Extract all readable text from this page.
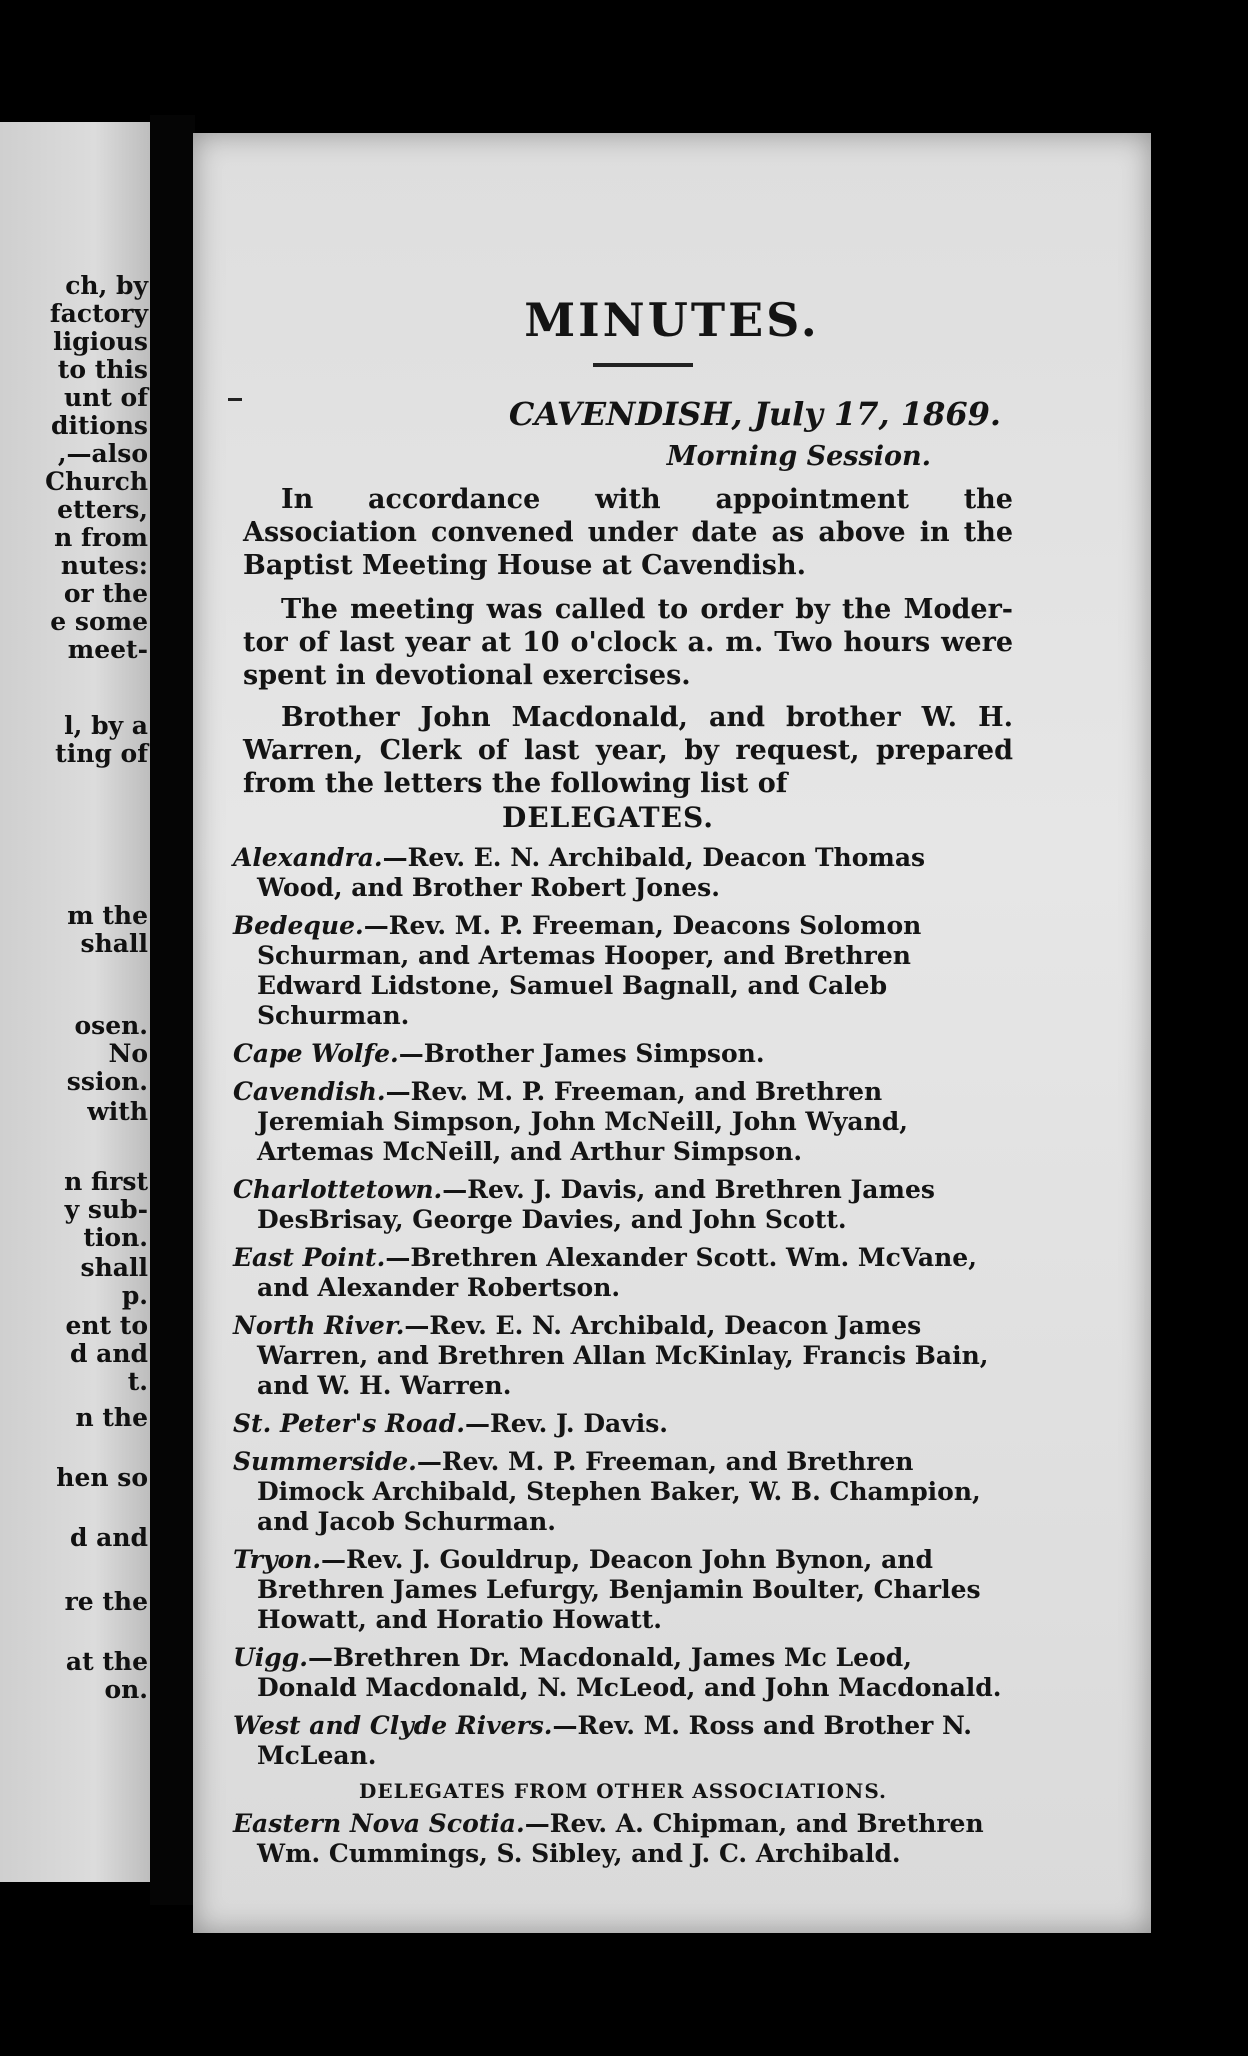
ch, by
factory
ligious
to this
unt of
ditions
,—also
Church
etters,
n from
nutes:
or the
e some
meet-
l, by a
ting of
m the
shall
osen.
No
ssion.
with
n first
y sub-
tion.
shall
p.
ent to
d and
t.
n the
hen so
d and
re the
at the
on.
MINUTES.
CAVENDISH, July 17, 1869.
Morning Session.
In accordance with appointment the Association convened under date as above in the Baptist Meeting House at Cavendish.
The meeting was called to order by the Moder-tor of last year at 10 o'clock a. m. Two hours were spent in devotional exercises.
Brother John Macdonald, and brother W. H. Warren, Clerk of last year, by request, prepared from the letters the following list of
DELEGATES.
Alexandra.—Rev. E. N. Archibald, Deacon Thomas Wood, and Brother Robert Jones.
Bedeque.—Rev. M. P. Freeman, Deacons Solomon Schurman, and Artemas Hooper, and Brethren Edward Lidstone, Samuel Bagnall, and Caleb Schurman.
Cape Wolfe.—Brother James Simpson.
Cavendish.—Rev. M. P. Freeman, and Brethren Jeremiah Simpson, John McNeill, John Wyand, Artemas McNeill, and Arthur Simpson.
Charlottetown.—Rev. J. Davis, and Brethren James DesBrisay, George Davies, and John Scott.
East Point.—Brethren Alexander Scott. Wm. McVane, and Alexander Robertson.
North River.—Rev. E. N. Archibald, Deacon James Warren, and Brethren Allan McKinlay, Francis Bain, and W. H. Warren.
St. Peter's Road.—Rev. J. Davis.
Summerside.—Rev. M. P. Freeman, and Brethren Dimock Archibald, Stephen Baker, W. B. Champion, and Jacob Schurman.
Tryon.—Rev. J. Gouldrup, Deacon John Bynon, and Brethren James Lefurgy, Benjamin Boulter, Charles Howatt, and Horatio Howatt.
Uigg.—Brethren Dr. Macdonald, James Mc Leod, Donald Macdonald, N. McLeod, and John Macdonald.
West and Clyde Rivers.—Rev. M. Ross and Brother N. McLean.
DELEGATES FROM OTHER ASSOCIATIONS.
Eastern Nova Scotia.—Rev. A. Chipman, and Brethren Wm. Cummings, S. Sibley, and J. C. Archibald.
